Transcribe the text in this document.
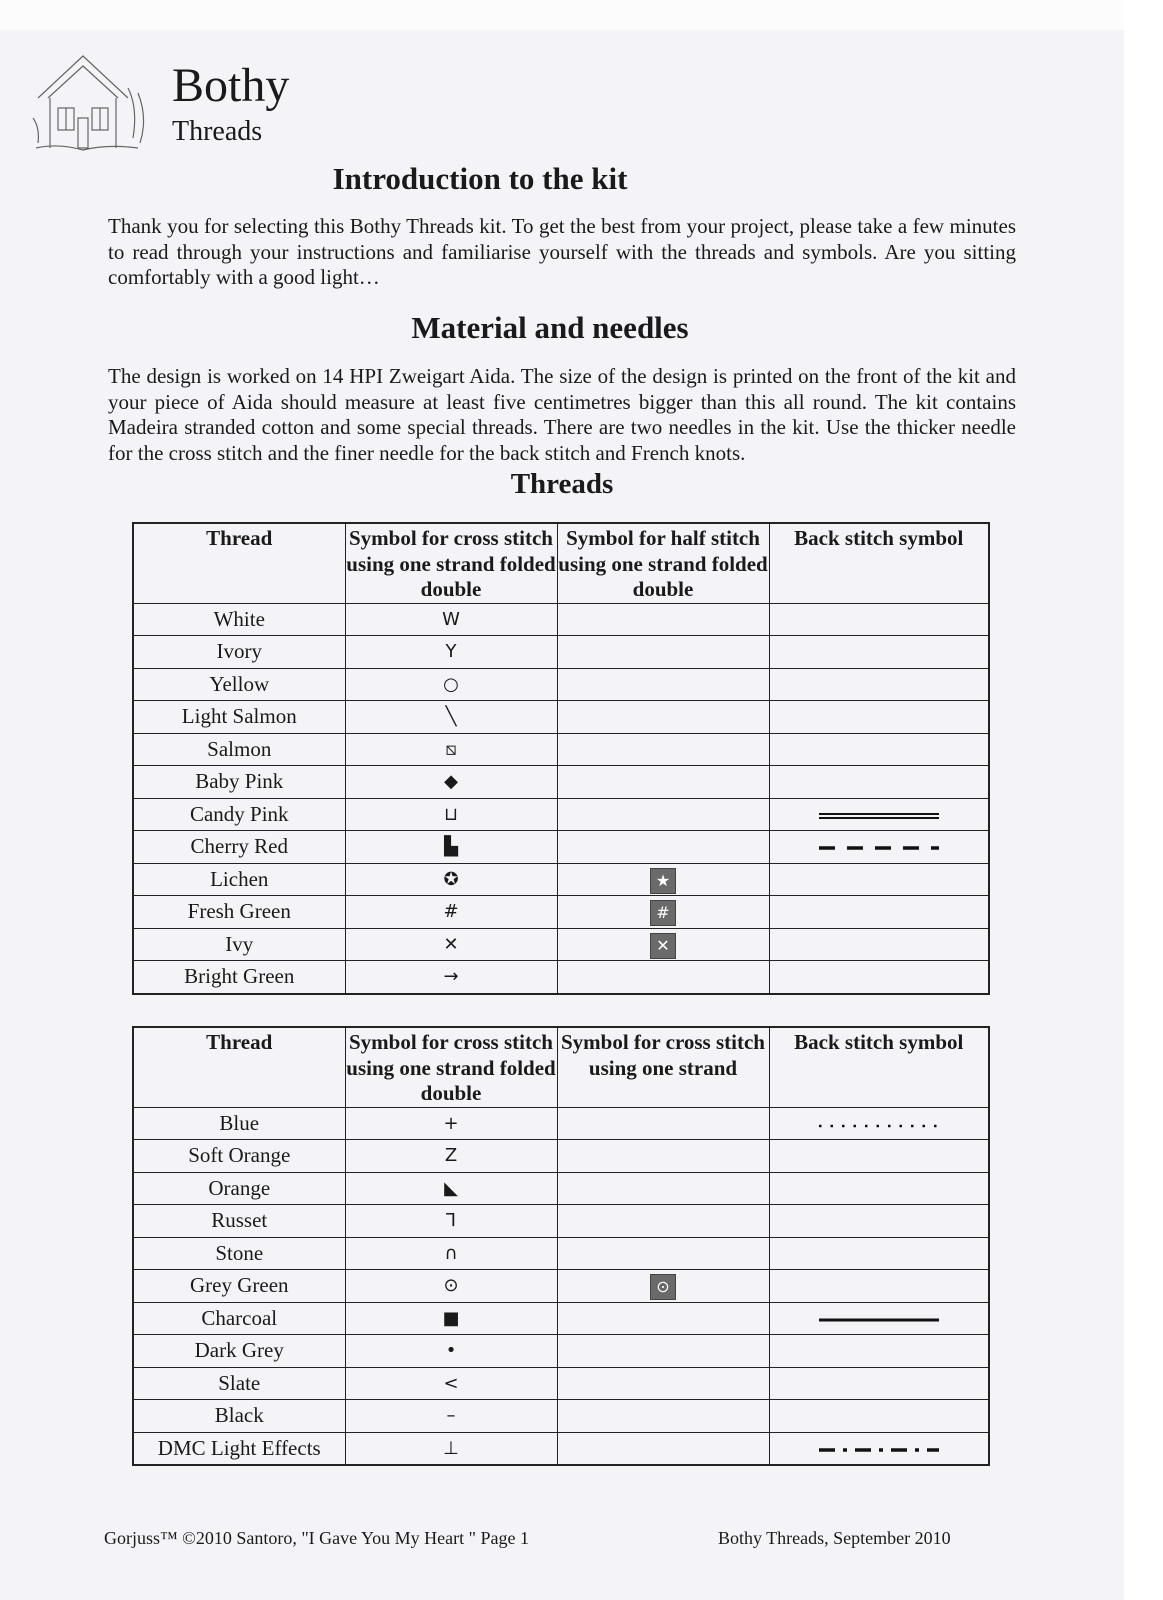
Bothy
Threads
Introduction to the kit
Thank you for selecting this Bothy Threads kit. To get the best from your project, please take a few minutes to read through your instructions and familiarise yourself with the threads and symbols. Are you sitting comfortably with a good light…
Material and needles
The design is worked on 14 HPI Zweigart Aida. The size of the design is printed on the front of the kit and your piece of Aida should measure at least five centimetres bigger than this all round. The kit contains Madeira stranded cotton and some special threads. There are two needles in the kit. Use the thicker needle for the cross stitch and the finer needle for the back stitch and French knots.
Threads
Thread	Symbol for cross stitch using one strand folded double	Symbol for half stitch using one strand folded double	Back stitch symbol
White	W		
Ivory	Y		
Yellow	○		
Light Salmon	╲		
Salmon	⧅		
Baby Pink	◆		
Candy Pink	⊔		
Cherry Red	▙		
Lichen	✪	★	
Fresh Green	#	#	
Ivy	✕	✕	
Bright Green	→		
Thread	Symbol for cross stitch using one strand folded double	Symbol for cross stitch using one strand	Back stitch symbol
Blue	+		
Soft Orange	Z		
Orange	◣		
Russet	⅂		
Stone	∩		
Grey Green	⊙	⊙	
Charcoal	■		
Dark Grey	•		
Slate	<		
Black	–		
DMC Light Effects	⊥		
Gorjuss™ ©2010 Santoro, "I Gave You My Heart " Page 1	Bothy Threads, September 2010
